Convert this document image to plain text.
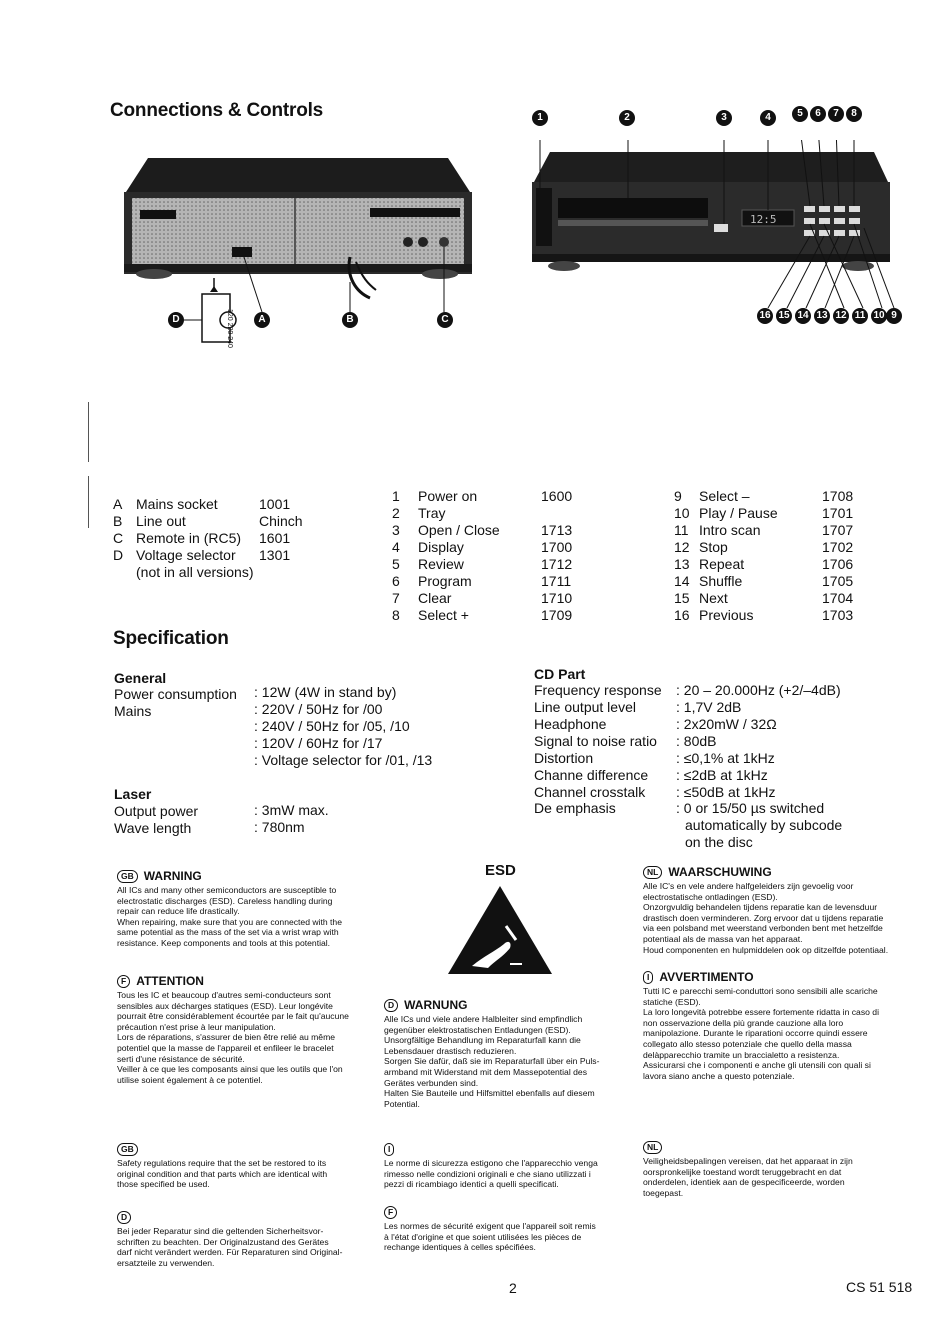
Connections & Controls
120 220 240
D	A	B	C
12:5
1	2	3	4	5	6	7	8
16 15 14 13 12 11 10 9
A Mains socket	1001
B Line out	Chinch
C Remote in (RC5) 1601
D Voltage selector 1301
(not in all versions)
1 Power on	1600
2 Tray
3 Open / Close	1713
4 Display	1700
5 Review	1712
6 Program	1711
7 Clear	1710
8 Select +	1709
9 Select –	1708
10 Play / Pause	1701
11 Intro scan	1707
12 Stop	1702
13 Repeat	1706
14 Shuffle	1705
15 Next	1704
16 Previous	1703
Specification
General
Power consumption : 12W (4W in stand by)
Mains	: 220V / 50Hz for /00
: 240V / 50Hz for /05, /10
: 120V / 60Hz for /17
: Voltage selector for /01, /13
Laser
Output power	: 3mW max.
Wave length	: 780nm
CD Part
Frequency response : 20 – 20.000Hz (+2/–4dB)
Line output level	: 1,7V 2dB
Headphone	: 2x20mW / 32Ω
Signal to noise ratio : 80dB
Distortion	: ≤0,1% at 1kHz
Channe difference : ≤2dB at 1kHz
Channel crosstalk : ≤50dB at 1kHz
De emphasis	: 0 or 15/50 µs switched
automatically by subcode
on the disc
ESD
GB WARNING
All ICs and many other semiconductors are susceptible to
electrostatic discharges (ESD). Careless handling during
repair can reduce life drastically.
When repairing, make sure that you are connected with the
same potential as the mass of the set via a wrist wrap with
resistance. Keep components and tools at this potential.
F ATTENTION
Tous les IC et beaucoup d'autres semi-conducteurs sont
sensibles aux décharges statiques (ESD). Leur longévite
pourrait être considérablement écourtée par le fait qu'aucune
précaution n'est prise à leur manipulation.
Lors de réparations, s'assurer de bien être relié au même
potentiel que la masse de l'appareil et enfileer le bracelet
serti d'une résistance de sécurité.
Veiller à ce que les composants ainsi que les outils que l'on
utilise soient également à ce potentiel.
D WARNUNG
Alle ICs und viele andere Halbleiter sind empfindlich
gegenüber elektrostatischen Entladungen (ESD).
Unsorgfältige Behandlung im Reparaturfall kann die
Lebensdauer drastisch reduzieren.
Sorgen Sie dafür, daß sie im Reparaturfall über ein Puls-
armband mit Widerstand mit dem Massepotential des
Gerätes verbunden sind.
Halten Sie Bauteile und Hilfsmittel ebenfalls auf diesem
Potential.
NL WAARSCHUWING
Alle IC's en vele andere halfgeleiders zijn gevoelig voor
electrostatische ontladingen (ESD).
Onzorgvuldig behandelen tijdens reparatie kan de levensduur
drastisch doen verminderen. Zorg ervoor dat u tijdens reparatie
via een polsband met weerstand verbonden bent met hetzelfde
potentiaal als de massa van het apparaat.
Houd componenten en hulpmiddelen ook op ditzelfde potentiaal.
I AVVERTIMENTO
Tutti IC e parecchi semi-conduttori sono sensibili alle scariche
statiche (ESD).
La loro longevità potrebbe essere fortemente ridatta in caso di
non osservazione della più grande cauzione alla loro
manipolazione. Durante le riparationi occorre quindi essere
collegato allo stesso potenziale che quello della massa
delàpparecchio tramite un braccialetto a resistenza.
Assicurarsi che i componenti e anche gli utensili con quali si
lavora siano anche a questo potenziale.
GB
Safety regulations require that the set be restored to its
original condition and that parts which are identical with
those specified be used.
D
Bei jeder Reparatur sind die geltenden Sicherheitsvor-
schriften zu beachten. Der Originalzustand des Gerätes
darf nicht verändert werden. Für Reparaturen sind Original-
ersatzteile zu verwenden.
I
Le norme di sicurezza estigono che l'apparecchio venga
rimesso nelle condizioni originali e che siano utilizzati i
pezzi di ricambiago identici a quelli specificati.
F
Les normes de sécurité exigent que l'appareil soit remis
à l'état d'origine et que soient utilisées les pièces de
rechange identiques à celles spécifiées.
NL
Veiligheidsbepalingen vereisen, dat het apparaat in zijn
oorspronkelijke toestand wordt teruggebracht en dat
onderdelen, identiek aan de gespecificeerde, worden
toegepast.
2	CS 51 518
